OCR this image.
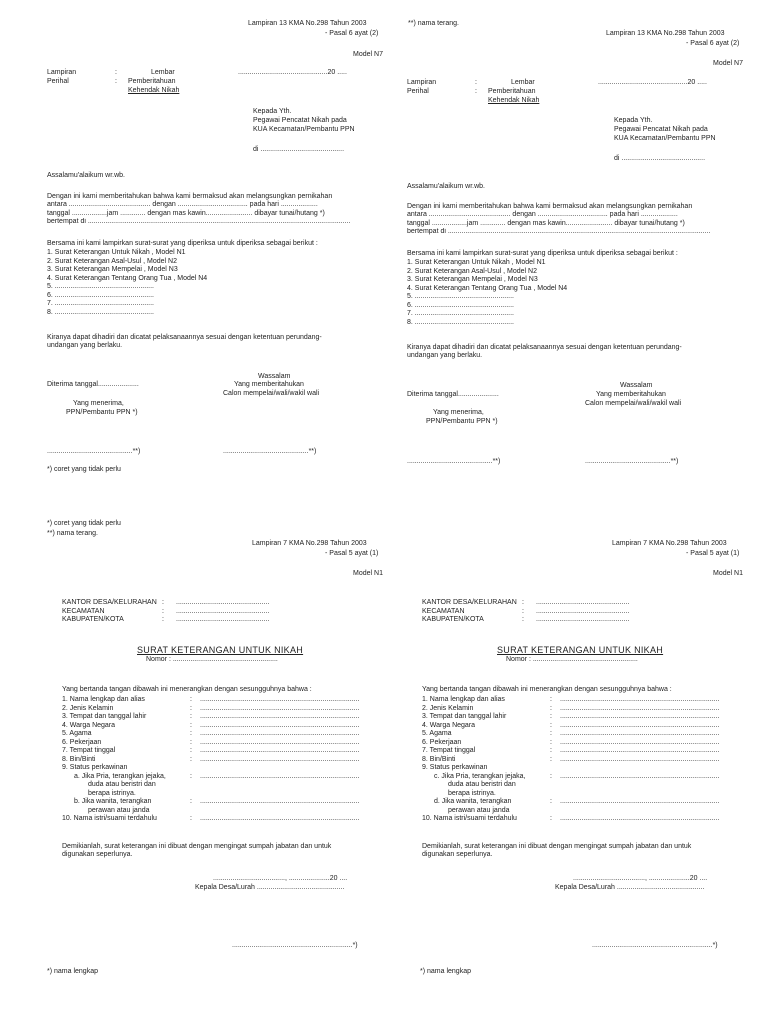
Lampiran 13 KMA No.298 Tahun 2003
- Pasal 6 ayat (2)
Model N7
Lampiran	:	Lembar
Perihal	: Pemberitahuan
Kehendak Nikah
..............................................20 .....
Kepada Yth.
Pegawai Pencatat Nikah pada
KUA Kecamatan/Pembantu PPN
di ...........................................
Assalamu'alaikum wr.wb.
Dengan ini kami memberitahukan bahwa kami bermaksud akan melangsungkan pernikahan
antara .......................................... dengan .................................... pada hari ...................
tanggal ..................jam ............. dengan mas kawin........................ dibayar tunai/hutang *)
bertempat di .......................................................................................................................................
Bersama ini kami lampirkan surat-surat yang diperiksa untuk diperiksa sebagai berikut :
1. Surat Keterangan Untuk Nikah , Model N1
2. Surat Keterangan Asal-Usul , Model N2
3. Surat Keterangan Mempelai , Model N3
4. Surat Keterangan Tentang Orang Tua , Model N4
5. ...................................................
6. ...................................................
7. ...................................................
8. ...................................................
Kiranya dapat dihadiri dan dicatat pelaksanaannya sesuai dengan ketentuan perundang-
undangan yang berlaku.
Wassalam
Yang memberitahukan
Calon mempelai/wali/wakil wali
Diterima tanggal.....................
Yang menerima,
PPN/Pembantu PPN *)
............................................**)	............................................**)
*) coret yang tidak perlu
**) nama terang.
Lampiran 13 KMA No.298 Tahun 2003
- Pasal 6 ayat (2)
Model N7
Lampiran	:	Lembar
Perihal	: Pemberitahuan
Kehendak Nikah
..............................................20 .....
Kepada Yth.
Pegawai Pencatat Nikah pada
KUA Kecamatan/Pembantu PPN
di ...........................................
Assalamu'alaikum wr.wb.
Dengan ini kami memberitahukan bahwa kami bermaksud akan melangsungkan pernikahan
antara .......................................... dengan .................................... pada hari ...................
tanggal ..................jam ............. dengan mas kawin........................ dibayar tunai/hutang *)
bertempat di .......................................................................................................................................
Bersama ini kami lampirkan surat-surat yang diperiksa untuk diperiksa sebagai berikut :
1. Surat Keterangan Untuk Nikah , Model N1
2. Surat Keterangan Asal-Usul , Model N2
3. Surat Keterangan Mempelai , Model N3
4. Surat Keterangan Tentang Orang Tua , Model N4
5. ...................................................
6. ...................................................
7. ...................................................
8. ...................................................
Kiranya dapat dihadiri dan dicatat pelaksanaannya sesuai dengan ketentuan perundang-
undangan yang berlaku.
Wassalam
Yang memberitahukan
Calon mempelai/wali/wakil wali
Diterima tanggal.....................
Yang menerima,
PPN/Pembantu PPN *)
............................................**)	............................................**)
*) coret yang tidak perlu
**) nama terang.
Lampiran 7 KMA No.298 Tahun 2003
- Pasal 5 ayat (1)
Model N1
KANTOR DESA/KELURAHAN :	................................................
KECAMATAN	:	................................................
KABUPATEN/KOTA	:	................................................
SURAT KETERANGAN UNTUK NIKAH
Nomor : ......................................................
Yang bertanda tangan dibawah ini menerangkan dengan sesungguhnya bahwa :
1. Nama lengkap dan alias	:	..................................................................................
2. Jenis Kelamin	:	..................................................................................
3. Tempat dan tanggal lahir	:	..................................................................................
4. Warga Negara	:	..................................................................................
5. Agama	:	..................................................................................
6. Pekerjaan	:	..................................................................................
7. Tempat tinggal	:	..................................................................................
8. Bin/Binti	:	..................................................................................
9. Status perkawinan
a. Jika Pria, terangkan jejaka,	:	..................................................................................
duda atau beristri dan
berapa istrinya.
b. Jika wanita, terangkan	:	..................................................................................
perawan atau janda
10. Nama istri/suami terdahulu	:	..................................................................................
Demikianlah, surat keterangan ini dibuat dengan mengingat sumpah jabatan dan untuk
digunakan seperlunya.
....................................., .....................20 ....
Kepala Desa/Lurah .............................................
..............................................................*)
*) nama lengkap
Lampiran 7 KMA No.298 Tahun 2003
- Pasal 5 ayat (1)
Model N1
KANTOR DESA/KELURAHAN :	................................................
KECAMATAN	:	................................................
KABUPATEN/KOTA	:	................................................
SURAT KETERANGAN UNTUK NIKAH
Nomor : ......................................................
Yang bertanda tangan dibawah ini menerangkan dengan sesungguhnya bahwa :
1. Nama lengkap dan alias	:	..................................................................................
2. Jenis Kelamin	:	..................................................................................
3. Tempat dan tanggal lahir	:	..................................................................................
4. Warga Negara	:	..................................................................................
5. Agama	:	..................................................................................
6. Pekerjaan	:	..................................................................................
7. Tempat tinggal	:	..................................................................................
8. Bin/Binti	:	..................................................................................
9. Status perkawinan
c. Jika Pria, terangkan jejaka,	:	..................................................................................
duda atau beristri dan
berapa istrinya.
d. Jika wanita, terangkan	:	..................................................................................
perawan atau janda
10. Nama istri/suami terdahulu	:	..................................................................................
Demikianlah, surat keterangan ini dibuat dengan mengingat sumpah jabatan dan untuk
digunakan seperlunya.
....................................., .....................20 ....
Kepala Desa/Lurah .............................................
..............................................................*)
*) nama lengkap
